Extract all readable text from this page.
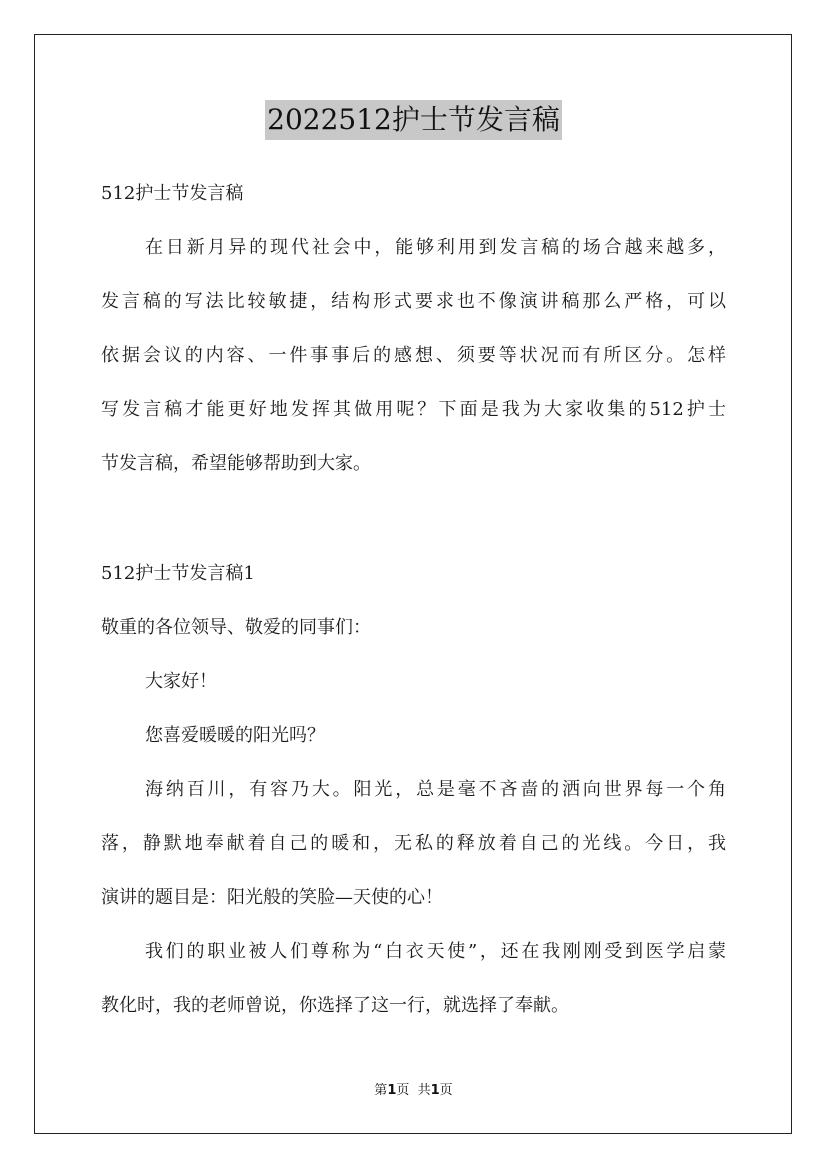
2022512护士节发言稿
512护士节发言稿
在日新月异的现代社会中，能够利用到发言稿的场合越来越多，
发言稿的写法比较敏捷，结构形式要求也不像演讲稿那么严格，可以
依据会议的内容、一件事事后的感想、须要等状况而有所区分。怎样
写发言稿才能更好地发挥其做用呢？下面是我为大家收集的512护士
节发言稿，希望能够帮助到大家。
512护士节发言稿1
敬重的各位领导、敬爱的同事们：
大家好！
您喜爱暖暖的阳光吗？
海纳百川，有容乃大。阳光，总是毫不吝啬的洒向世界每一个角
落，静默地奉献着自己的暖和，无私的释放着自己的光线。今日，我
演讲的题目是：阳光般的笑脸—天使的心！
我们的职业被人们尊称为“白衣天使”，还在我刚刚受到医学启蒙
教化时，我的老师曾说，你选择了这一行，就选择了奉献。
第1页  共1页
